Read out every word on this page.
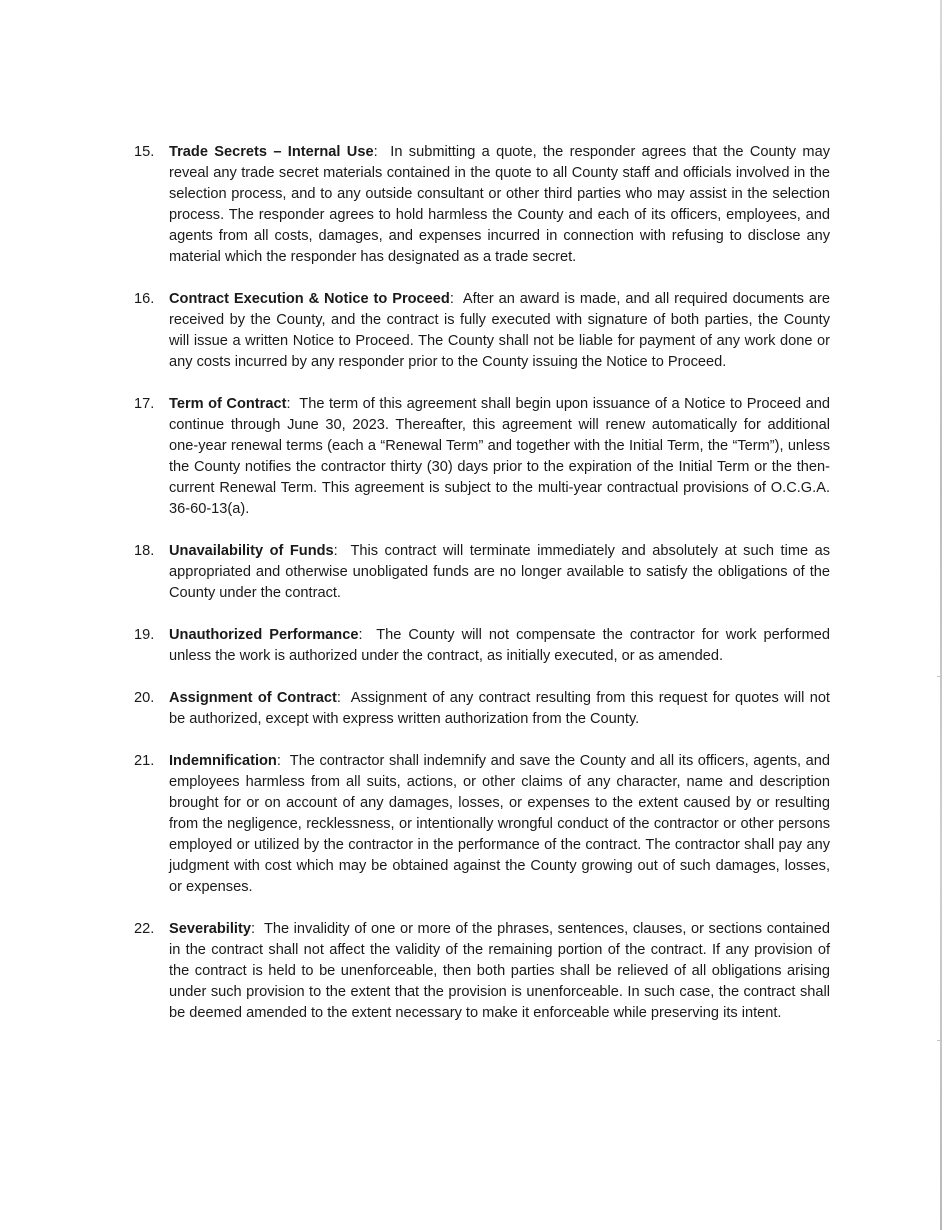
15.	Trade Secrets – Internal Use:  In submitting a quote, the responder agrees that the County may reveal any trade secret materials contained in the quote to all County staff and officials involved in the selection process, and to any outside consultant or other third parties who may assist in the selection process. The responder agrees to hold harmless the County and each of its officers, employees, and agents from all costs, damages, and expenses incurred in connection with refusing to disclose any material which the responder has designated as a trade secret.
16.	Contract Execution & Notice to Proceed:  After an award is made, and all required documents are received by the County, and the contract is fully executed with signature of both parties, the County will issue a written Notice to Proceed. The County shall not be liable for payment of any work done or any costs incurred by any responder prior to the County issuing the Notice to Proceed.
17.	Term of Contract:  The term of this agreement shall begin upon issuance of a Notice to Proceed and continue through June 30, 2023. Thereafter, this agreement will renew automatically for additional one-year renewal terms (each a “Renewal Term” and together with the Initial Term, the “Term”), unless the County notifies the contractor thirty (30) days prior to the expiration of the Initial Term or the then-current Renewal Term. This agreement is subject to the multi-year contractual provisions of O.C.G.A. 36-60-13(a).
18.	Unavailability of Funds:  This contract will terminate immediately and absolutely at such time as appropriated and otherwise unobligated funds are no longer available to satisfy the obligations of the County under the contract.
19.	Unauthorized Performance:  The County will not compensate the contractor for work performed unless the work is authorized under the contract, as initially executed, or as amended.
20.	Assignment of Contract:  Assignment of any contract resulting from this request for quotes will not be authorized, except with express written authorization from the County.
21.	Indemnification:  The contractor shall indemnify and save the County and all its officers, agents, and employees harmless from all suits, actions, or other claims of any character, name and description brought for or on account of any damages, losses, or expenses to the extent caused by or resulting from the negligence, recklessness, or intentionally wrongful conduct of the contractor or other persons employed or utilized by the contractor in the performance of the contract. The contractor shall pay any judgment with cost which may be obtained against the County growing out of such damages, losses, or expenses.
22.	Severability:  The invalidity of one or more of the phrases, sentences, clauses, or sections contained in the contract shall not affect the validity of the remaining portion of the contract. If any provision of the contract is held to be unenforceable, then both parties shall be relieved of all obligations arising under such provision to the extent that the provision is unenforceable. In such case, the contract shall be deemed amended to the extent necessary to make it enforceable while preserving its intent.
